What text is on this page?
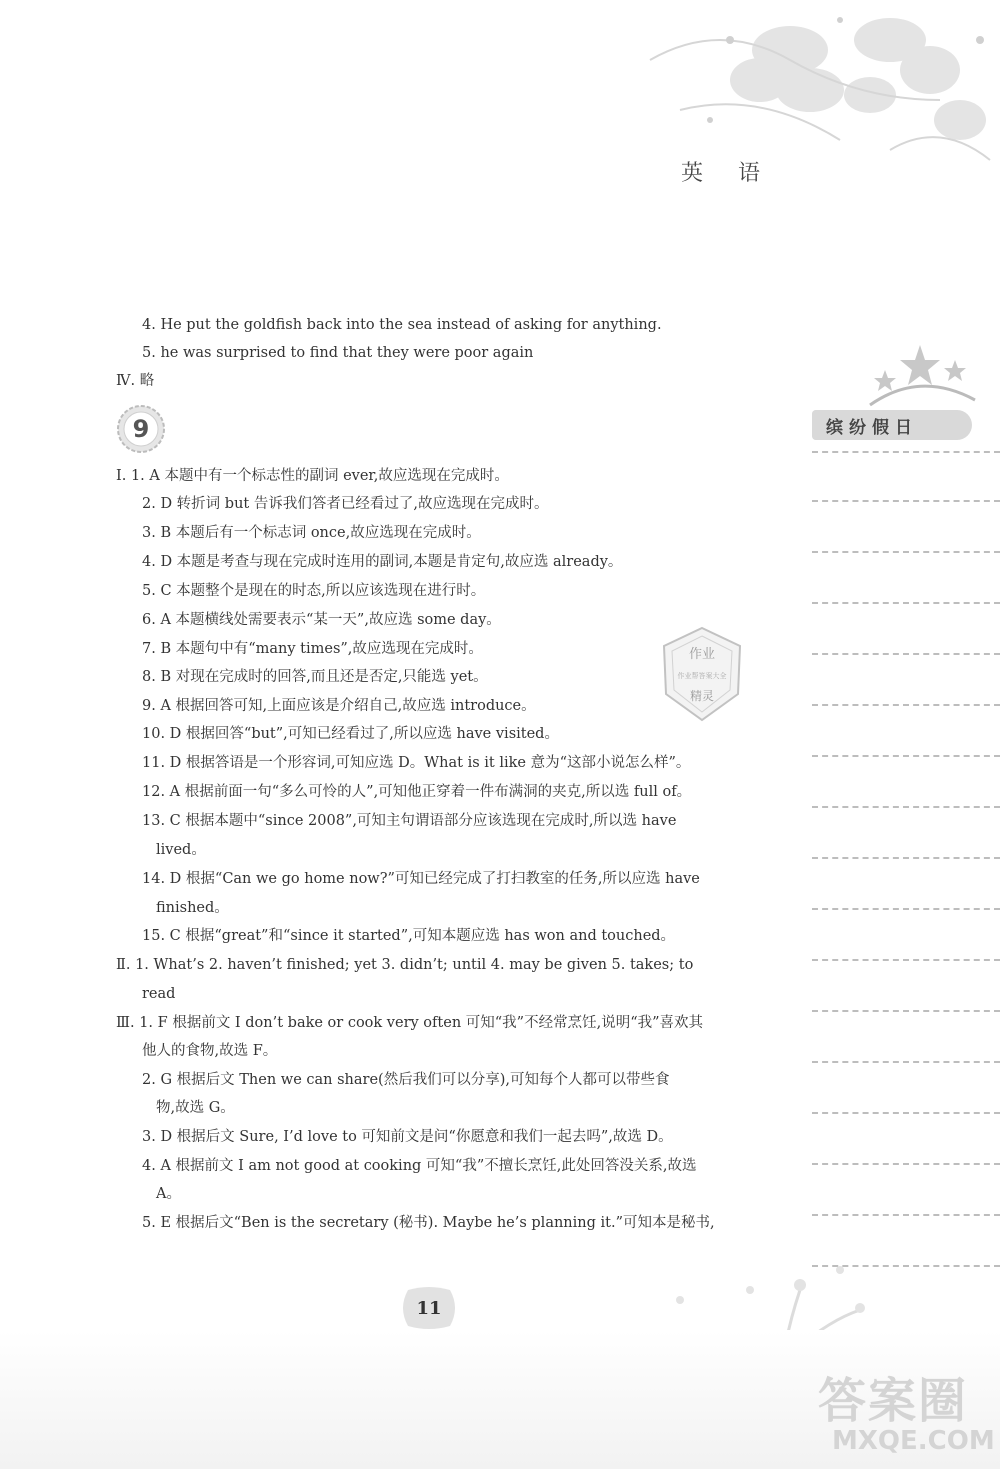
英 语
4. He put the goldfish back into the sea instead of asking for anything.
5. he was surprised to find that they were poor again
Ⅳ. 略
9
Ⅰ. 1. A 本题中有一个标志性的副词 ever,故应选现在完成时。
2. D 转折词 but 告诉我们答者已经看过了,故应选现在完成时。
3. B 本题后有一个标志词 once,故应选现在完成时。
4. D 本题是考查与现在完成时连用的副词,本题是肯定句,故应选 already。
5. C 本题整个是现在的时态,所以应该选现在进行时。
6. A 本题横线处需要表示“某一天”,故应选 some day。
7. B 本题句中有“many times”,故应选现在完成时。
8. B 对现在完成时的回答,而且还是否定,只能选 yet。
9. A 根据回答可知,上面应该是介绍自己,故应选 introduce。
10. D 根据回答“but”,可知已经看过了,所以应选 have visited。
11. D 根据答语是一个形容词,可知应选 D。What is it like 意为“这部小说怎么样”。
12. A 根据前面一句“多么可怜的人”,可知他正穿着一件布满洞的夹克,所以选 full of。
13. C 根据本题中“since 2008”,可知主句谓语部分应该选现在完成时,所以选 have
lived。
14. D 根据“Can we go home now?”可知已经完成了打扫教室的任务,所以应选 have
finished。
15. C 根据“great”和“since it started”,可知本题应选 has won and touched。
Ⅱ. 1. What’s 2. haven’t finished; yet 3. didn’t; until 4. may be given 5. takes; to
read
Ⅲ. 1. F 根据前文 I don’t bake or cook very often 可知“我”不经常烹饪,说明“我”喜欢其
他人的食物,故选 F。
2. G 根据后文 Then we can share(然后我们可以分享),可知每个人都可以带些食
物,故选 G。
3. D 根据后文 Sure, I’d love to 可知前文是问“你愿意和我们一起去吗”,故选 D。
4. A 根据前文 I am not good at cooking 可知“我”不擅长烹饪,此处回答没关系,故选
A。
5. E 根据后文“Ben is the secretary (秘书). Maybe he’s planning it.”可知本是秘书,
缤纷假日
作业
作业帮答案大全
精灵
11
答案圈
MXQE.COM
